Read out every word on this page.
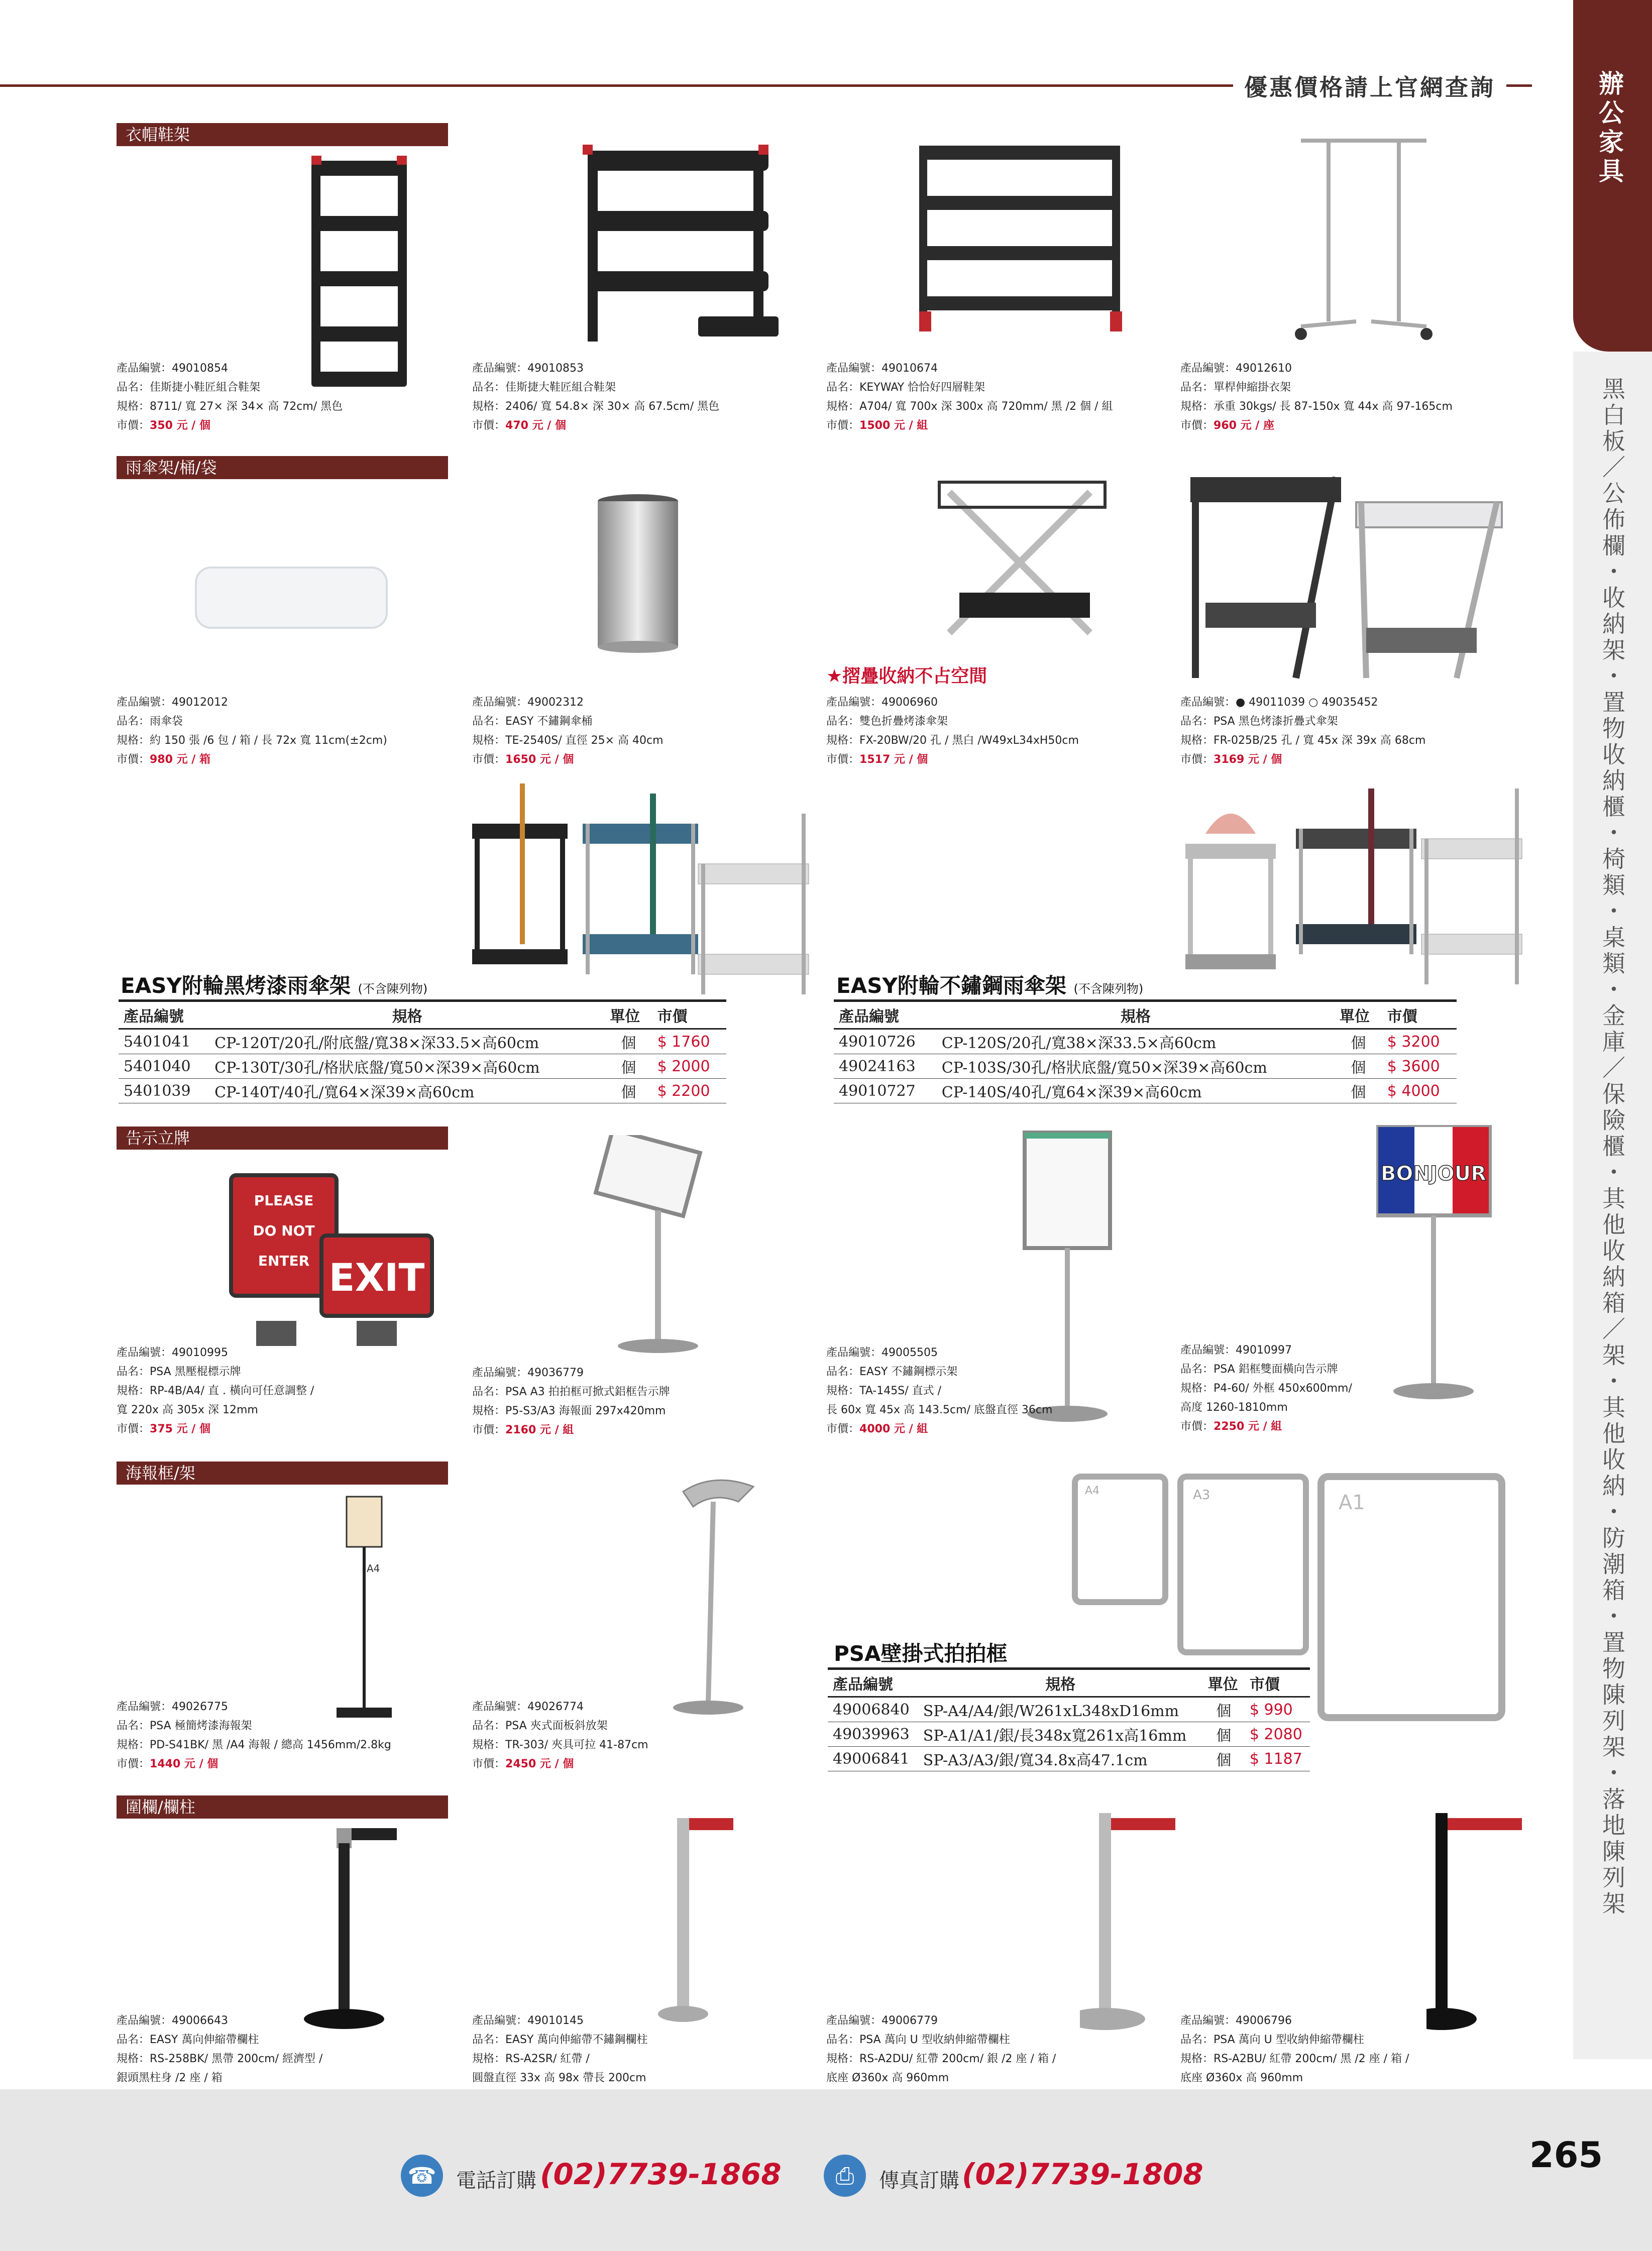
優惠價格請上官網查詢	辦公家具
黑白板／公佈欄・收納架・置物收納櫃・椅類・桌類・金庫／保險櫃・其他收納箱／架・其他收納・防潮箱・置物陳列架・落地陳列架
衣帽鞋架
雨傘架/桶/袋
告示立牌
海報框/架
圍欄/欄柱
產品編號：49010854
品名：佳斯捷小鞋匠組合鞋架
規格：8711/ 寬 27× 深 34× 高 72cm/ 黑色
市價：350 元 / 個
產品編號：49010853
品名：佳斯捷大鞋匠組合鞋架
規格：2406/ 寬 54.8× 深 30× 高 67.5cm/ 黑色
市價：470 元 / 個
產品編號：49010674
品名：KEYWAY 恰恰好四層鞋架
規格：A704/ 寬 700x 深 300x 高 720mm/ 黑 /2 個 / 組
市價：1500 元 / 組
產品編號：49012610
品名：單桿伸縮掛衣架
規格：承重 30kgs/ 長 87-150x 寬 44x 高 97-165cm
市價：960 元 / 座
★摺疊收納不占空間
產品編號：49012012
品名：雨傘袋
規格：約 150 張 /6 包 / 箱 / 長 72x 寬 11cm(±2cm)
市價：980 元 / 箱
產品編號：49002312
品名：EASY 不鏽鋼傘桶
規格：TE-2540S/ 直徑 25× 高 40cm
市價：1650 元 / 個
產品編號：49006960
品名：雙色折疊烤漆傘架
規格：FX-20BW/20 孔 / 黑白 /W49xL34xH50cm
市價：1517 元 / 個
產品編號：● 49011039 ○ 49035452
品名：PSA 黑色烤漆折疊式傘架
規格：FR-025B/25 孔 / 寬 45x 深 39x 高 68cm
市價：3169 元 / 個
EASY附輪黑烤漆雨傘架 (不含陳列物)
產品編號	規格	單位	市價
5401041	CP-120T/20孔/附底盤/寬38×深33.5×高60cm	個	$ 1760
5401040	CP-130T/30孔/格狀底盤/寬50×深39×高60cm	個	$ 2000
5401039	CP-140T/40孔/寬64×深39×高60cm	個	$ 2200
EASY附輪不鏽鋼雨傘架 (不含陳列物)
產品編號	規格	單位	市價
49010726	CP-120S/20孔/寬38×深33.5×高60cm	個	$ 3200
49024163	CP-103S/30孔/格狀底盤/寬50×深39×高60cm	個	$ 3600
49010727	CP-140S/40孔/寬64×深39×高60cm	個	$ 4000
PLEASE
DO NOT
ENTER EXIT
BONJOUR
產品編號：49010995
品名：PSA 黑壓棍標示牌
規格：RP-4B/A4/ 直 . 橫向可任意調整 /
寬 220x 高 305x 深 12mm
市價：375 元 / 個
產品編號：49036779
品名：PSA A3 拍拍框可掀式鋁框告示牌
規格：P5-S3/A3 海報面 297x420mm
市價：2160 元 / 組
產品編號：49005505
品名：EASY 不鏽鋼標示架
規格：TA-145S/ 直式 /
長 60x 寬 45x 高 143.5cm/ 底盤直徑 36cm
市價：4000 元 / 組
產品編號：49010997
品名：PSA 鋁框雙面橫向告示牌
規格：P4-60/ 外框 450x600mm/
高度 1260-1810mm
市價：2250 元 / 組
A4
A4	A3	A1
PSA壁掛式拍拍框
產品編號	規格	單位	市價
49006840	SP-A4/A4/銀/W261xL348xD16mm	個	$ 990
49039963	SP-A1/A1/銀/長348x寬261x高16mm	個	$ 2080
49006841	SP-A3/A3/銀/寬34.8x高47.1cm	個	$ 1187
產品編號：49026775
品名：PSA 極簡烤漆海報架
規格：PD-S41BK/ 黑 /A4 海報 / 總高 1456mm/2.8kg
市價：1440 元 / 個
產品編號：49026774
品名：PSA 夾式面板斜放架
規格：TR-303/ 夾具可拉 41-87cm
市價：2450 元 / 個
產品編號：49006643
品名：EASY 萬向伸縮帶欄柱
規格：RS-258BK/ 黑帶 200cm/ 經濟型 /
銀頭黑柱身 /2 座 / 箱
產品編號：49010145
品名：EASY 萬向伸縮帶不鏽鋼欄柱
規格：RS-A2SR/ 紅帶 /
圓盤直徑 33x 高 98x 帶長 200cm
產品編號：49006779
品名：PSA 萬向 U 型收納伸縮帶欄柱
規格：RS-A2DU/ 紅帶 200cm/ 銀 /2 座 / 箱 /
底座 Ø360x 高 960mm
產品編號：49006796
品名：PSA 萬向 U 型收納伸縮帶欄柱
規格：RS-A2BU/ 紅帶 200cm/ 黑 /2 座 / 箱 /
底座 Ø360x 高 960mm
☎ 電話訂購 (02)7739-1868	⎙	傳真訂購 (02)7739-1808	265
